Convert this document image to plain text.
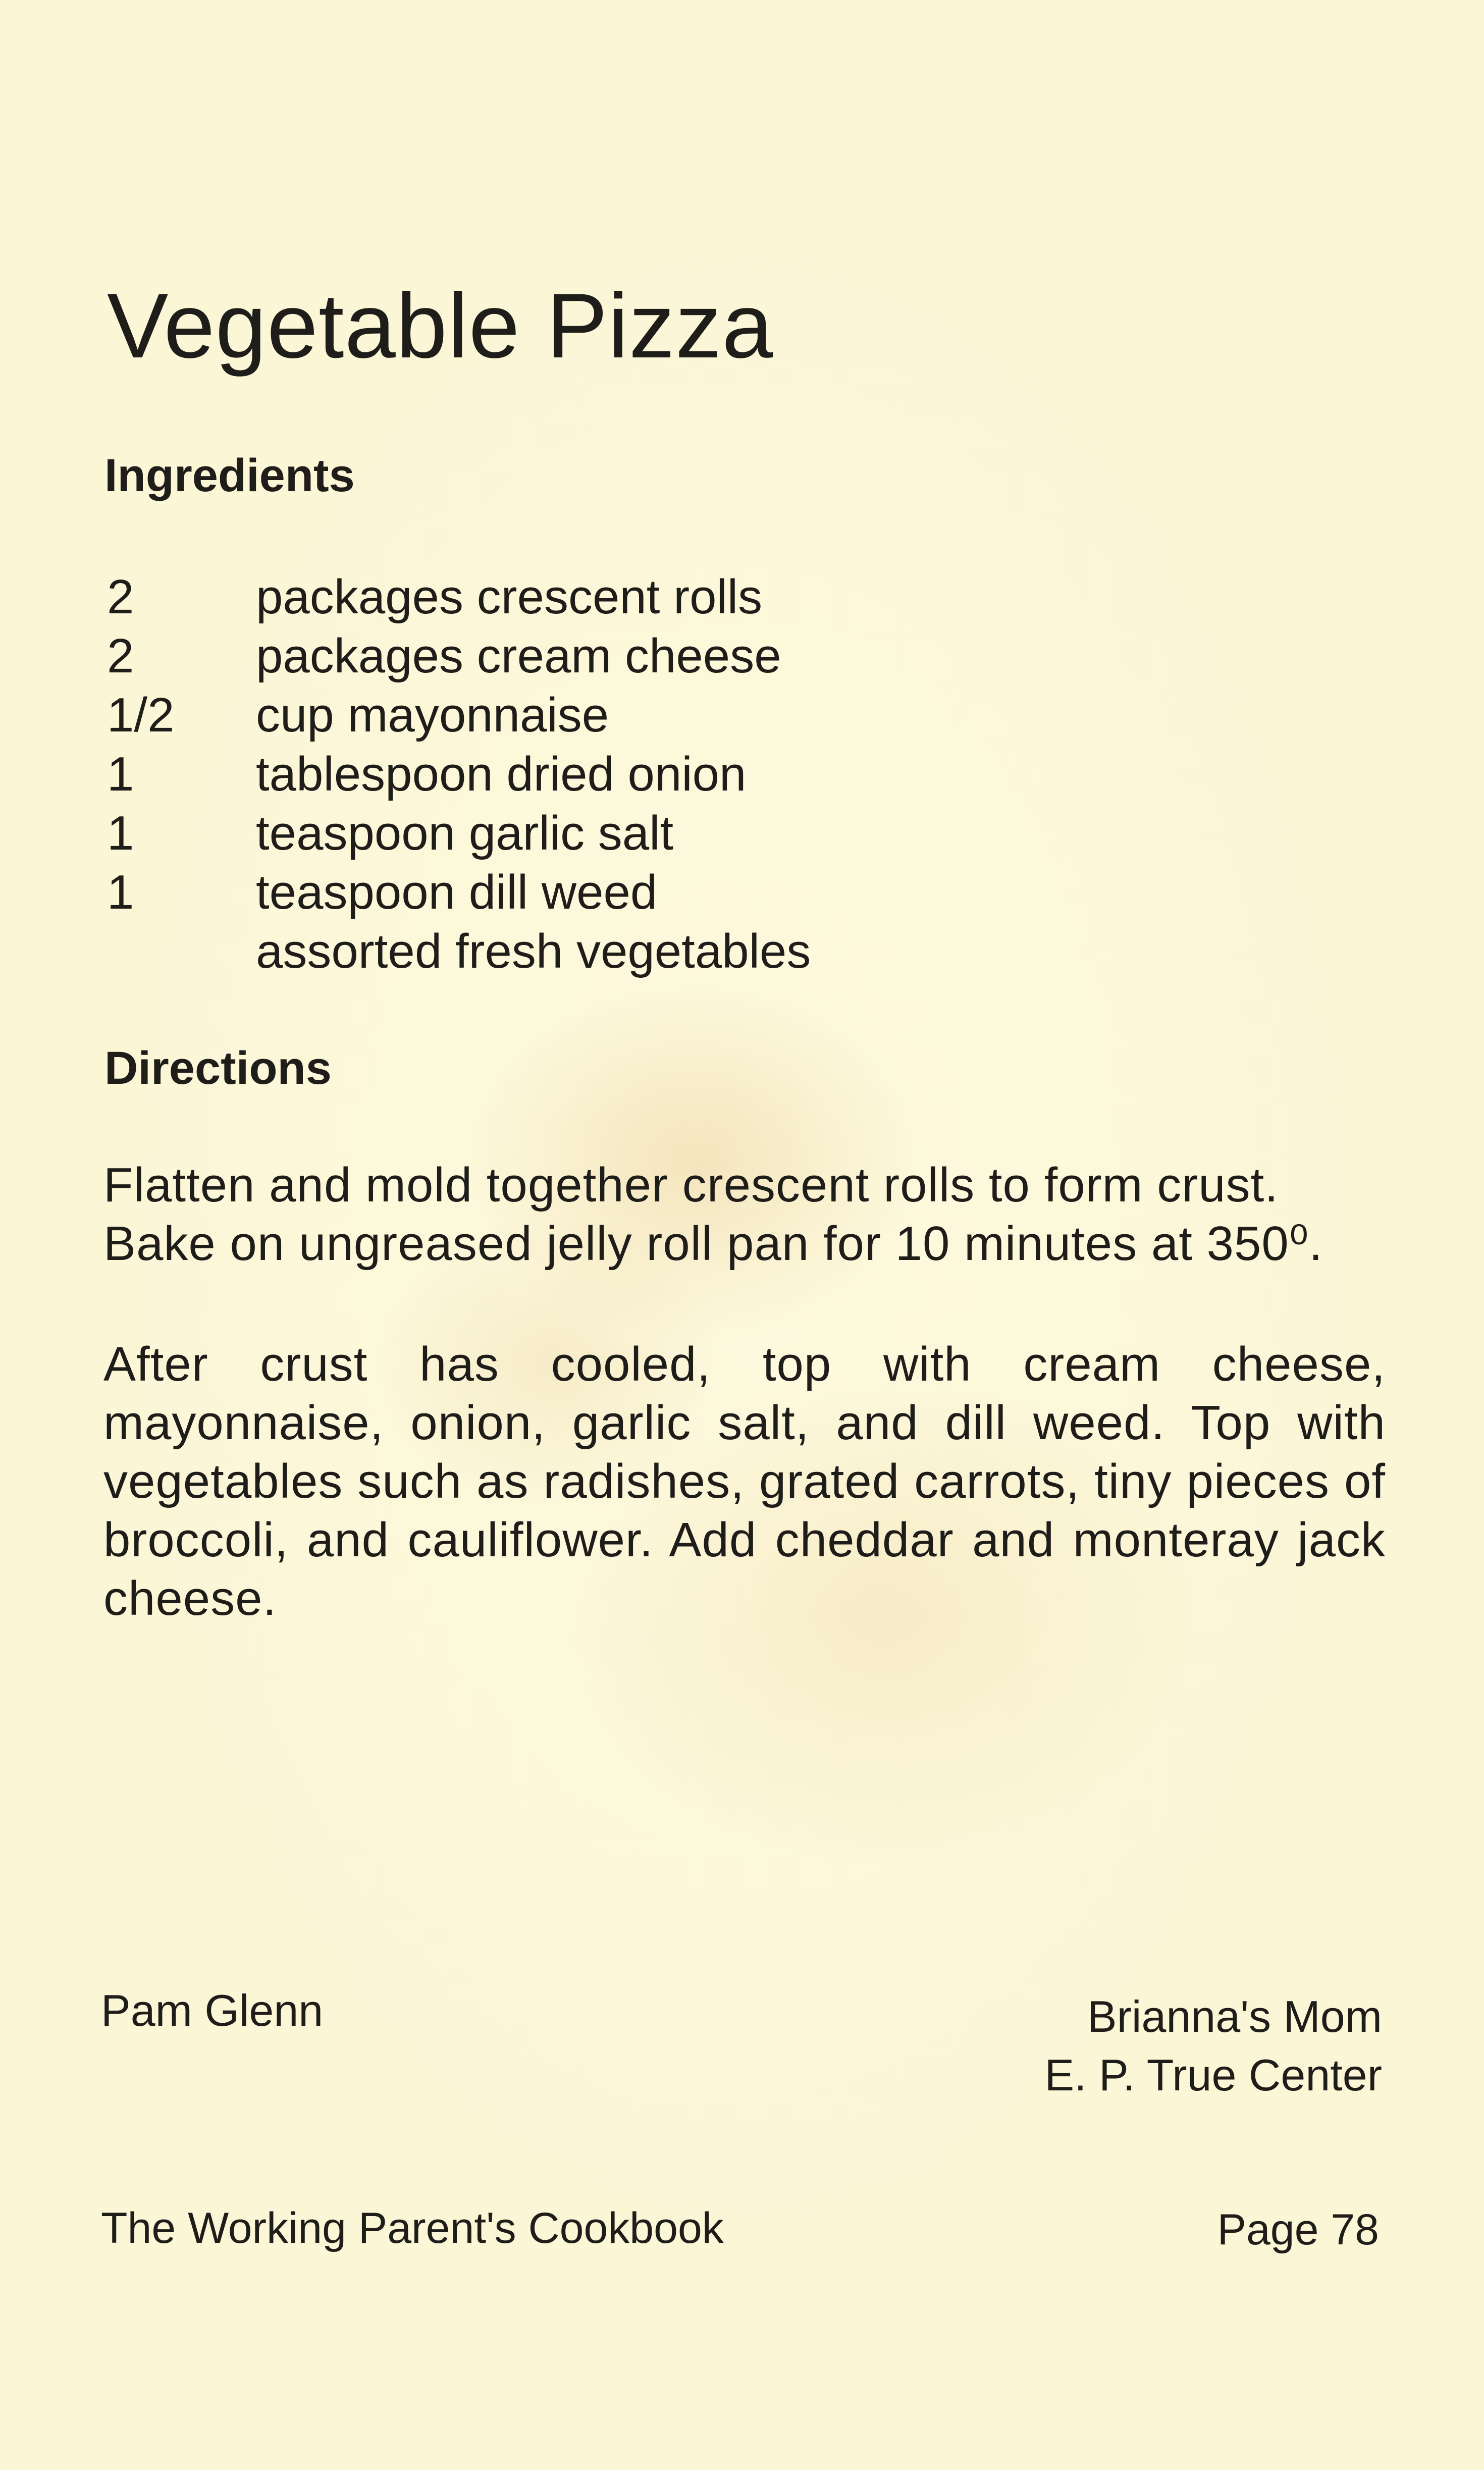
Vegetable Pizza
Ingredients
2	packages crescent rolls
2	packages cream cheese
1/2 cup mayonnaise
1	tablespoon dried onion
1	teaspoon garlic salt
1	teaspoon dill weed
assorted fresh vegetables
Directions
Flatten and mold together crescent rolls to form crust. Bake on ungreased jelly roll pan for 10 minutes at 350⁰.
After crust has cooled, top with cream cheese, mayonnaise, onion, garlic salt, and dill weed. Top with vegetables such as radishes, grated carrots, tiny pieces of broccoli, and cauliflower. Add cheddar and monteray jack cheese.
Pam Glenn	Brianna's Mom
E. P. True Center
The Working Parent's Cookbook	Page 78
